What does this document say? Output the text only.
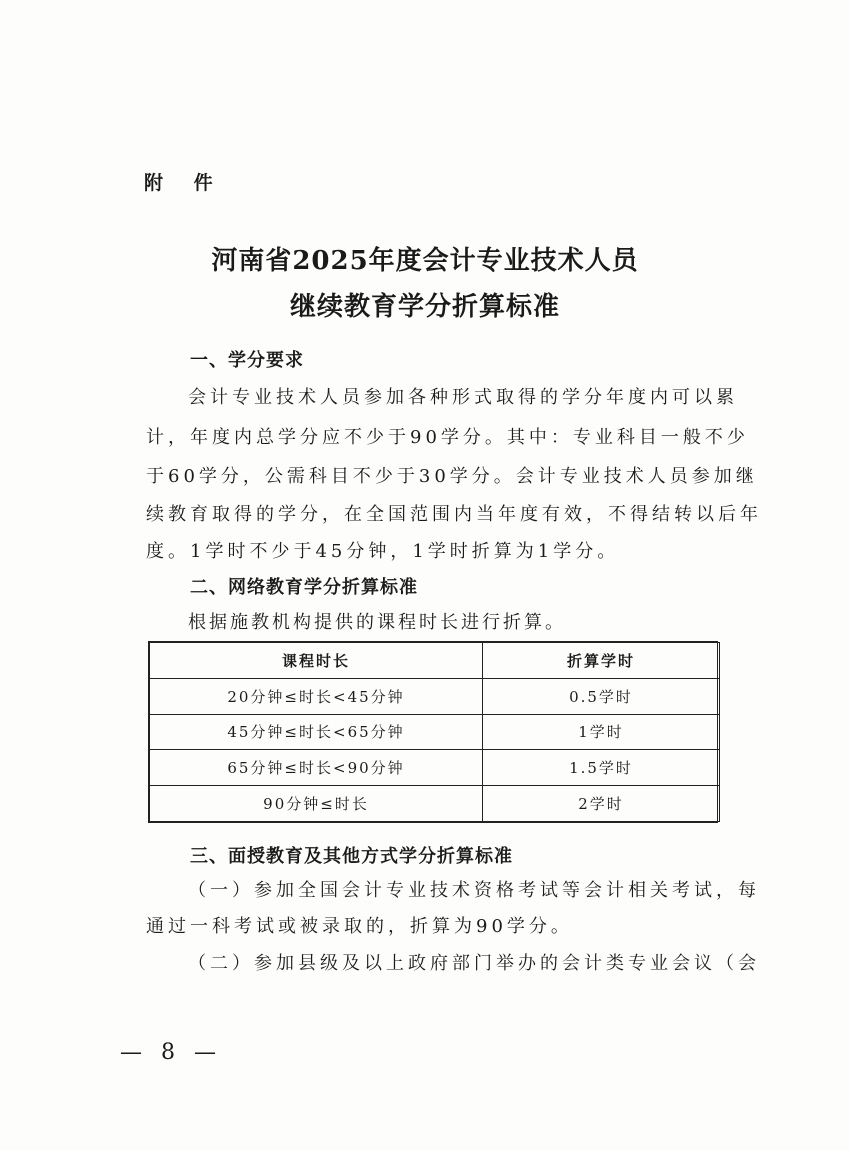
附 件
河南省2025年度会计专业技术人员
继续教育学分折算标准
一、学分要求
会计专业技术人员参加各种形式取得的学分年度内可以累
计，年度内总学分应不少于90学分。其中：专业科目一般不少
于60学分，公需科目不少于30学分。会计专业技术人员参加继
续教育取得的学分，在全国范围内当年度有效，不得结转以后年
度。1学时不少于45分钟，1学时折算为1学分。
二、网络教育学分折算标准
根据施教机构提供的课程时长进行折算。
课程时长	折算学时
20分钟≤时长<45分钟	0.5学时
45分钟≤时长<65分钟	1学时
65分钟≤时长<90分钟	1.5学时
90分钟≤时长	2学时
三、面授教育及其他方式学分折算标准
（一）参加全国会计专业技术资格考试等会计相关考试，每
通过一科考试或被录取的，折算为90学分。
（二）参加县级及以上政府部门举办的会计类专业会议（会
— 8 —
